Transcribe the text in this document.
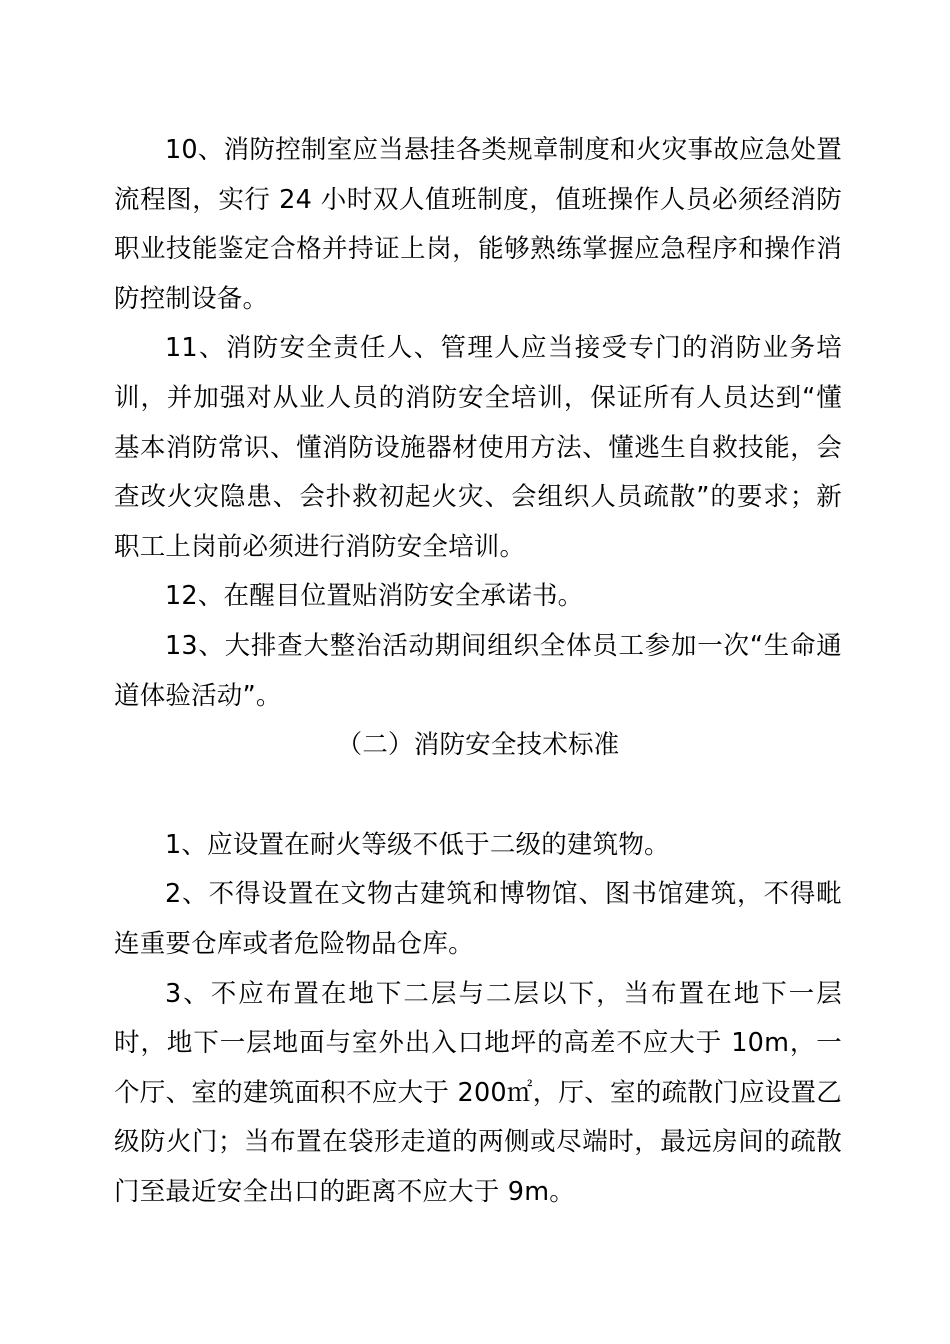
10、消防控制室应当悬挂各类规章制度和火灾事故应急处置流程图，实行 24 小时双人值班制度，值班操作人员必须经消防职业技能鉴定合格并持证上岗，能够熟练掌握应急程序和操作消防控制设备。

11、消防安全责任人、管理人应当接受专门的消防业务培训，并加强对从业人员的消防安全培训，保证所有人员达到“懂基本消防常识、懂消防设施器材使用方法、懂逃生自救技能，会查改火灾隐患、会扑救初起火灾、会组织人员疏散”的要求；新职工上岗前必须进行消防安全培训。

12、在醒目位置贴消防安全承诺书。

13、大排查大整治活动期间组织全体员工参加一次“生命通道体验活动”。

（二）消防安全技术标准

1、应设置在耐火等级不低于二级的建筑物。

2、不得设置在文物古建筑和博物馆、图书馆建筑，不得毗连重要仓库或者危险物品仓库。

3、不应布置在地下二层与二层以下，当布置在地下一层时，地下一层地面与室外出入口地坪的高差不应大于 10m，一个厅、室的建筑面积不应大于 200㎡，厅、室的疏散门应设置乙级防火门；当布置在袋形走道的两侧或尽端时，最远房间的疏散门至最近安全出口的距离不应大于 9m。
